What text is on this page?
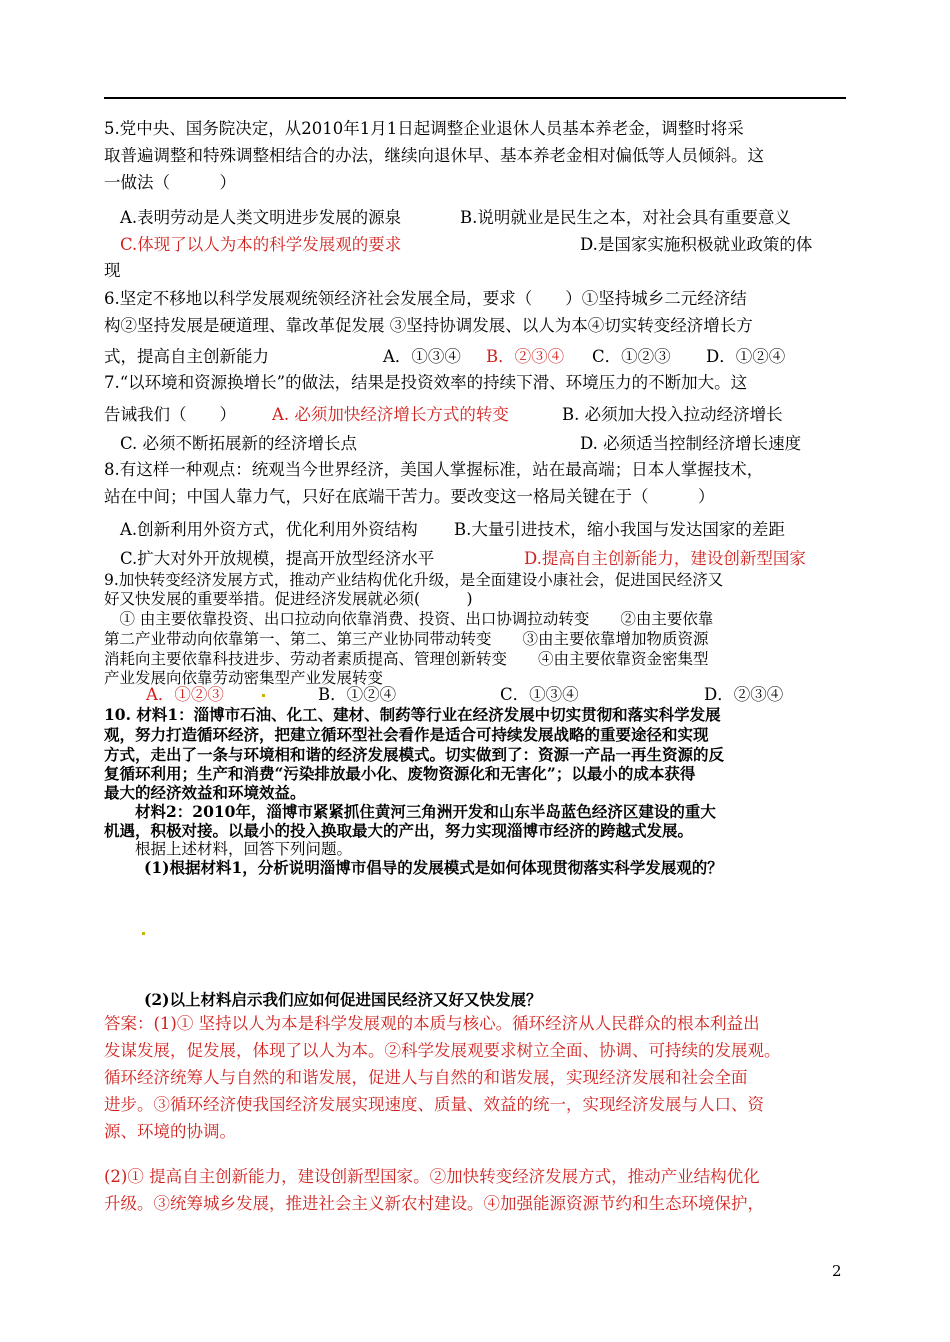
5.党中央、国务院决定，从2010年1月1日起调整企业退休人员基本养老金，调整时将采
取普遍调整和特殊调整相结合的办法，继续向退休早、基本养老金相对偏低等人员倾斜。这
一做法（　　　）
A.表明劳动是人类文明进步发展的源泉	B.说明就业是民生之本，对社会具有重要意义
C.体现了以人为本的科学发展观的要求	D.是国家实施积极就业政策的体
现
6.坚定不移地以科学发展观统领经济社会发展全局，要求（　　）①坚持城乡二元经济结
构②坚持发展是硬道理、靠改革促发展 ③坚持协调发展、以人为本④切实转变经济增长方
式，提高自主创新能力	A．①③④ B．②③④ C．①②③ D．①②④
7.“以环境和资源换增长”的做法，结果是投资效率的持续下滑、环境压力的不断加大。这
告诫我们（　　） A. 必须加快经济增长方式的转变	B. 必须加大投入拉动经济增长
C. 必须不断拓展新的经济增长点	D. 必须适当控制经济增长速度
8.有这样一种观点：统观当今世界经济，美国人掌握标准，站在最高端；日本人掌握技术，
站在中间；中国人靠力气，只好在底端干苦力。要改变这一格局关键在于（　　　）
A.创新利用外资方式，优化利用外资结构 B.大量引进技术，缩小我国与发达国家的差距
C.扩大对外开放规模，提高开放型经济水平	D.提高自主创新能力，建设创新型国家
9.加快转变经济发展方式，推动产业结构优化升级，是全面建设小康社会，促进国民经济又
好又快发展的重要举措。促进经济发展就必须(　　　)
　① 由主要依靠投资、出口拉动向依靠消费、投资、出口协调拉动转变　　②由主要依靠
第二产业带动向依靠第一、第二、第三产业协同带动转变　　③由主要依靠增加物质资源
消耗向主要依靠科技进步、劳动者素质提高、管理创新转变　　④由主要依靠资金密集型
产业发展向依靠劳动密集型产业发展转变
A．①②③	B．①②④	C．①③④	D．②③④
10. 材料1：淄博市石油、化工、建材、制药等行业在经济发展中切实贯彻和落实科学发展
观，努力打造循环经济，把建立循环型社会看作是适合可持续发展战略的重要途径和实现
方式，走出了一条与环境相和谐的经济发展模式。切实做到了：资源一产品一再生资源的反
复循环利用；生产和消费“污染排放最小化、废物资源化和无害化”；以最小的成本获得
最大的经济效益和环境效益。
　　材料2：2010年，淄博市紧紧抓住黄河三角洲开发和山东半岛蓝色经济区建设的重大
机遇，积极对接。以最小的投入换取最大的产出，努力实现淄博市经济的跨越式发展。
　　根据上述材料，回答下列问题。
(1)根据材料1，分析说明淄博市倡导的发展模式是如何体现贯彻落实科学发展观的？
(2)以上材料启示我们应如何促进国民经济又好又快发展？
答案：(1)① 坚持以人为本是科学发展观的本质与核心。循环经济从人民群众的根本利益出
发谋发展，促发展，体现了以人为本。②科学发展观要求树立全面、协调、可持续的发展观。
循环经济统筹人与自然的和谐发展，促进人与自然的和谐发展，实现经济发展和社会全面
进步。③循环经济使我国经济发展实现速度、质量、效益的统一，实现经济发展与人口、资
源、环境的协调。
(2)① 提高自主创新能力，建设创新型国家。②加快转变经济发展方式，推动产业结构优化
升级。③统筹城乡发展，推进社会主义新农村建设。④加强能源资源节约和生态环境保护，
2
